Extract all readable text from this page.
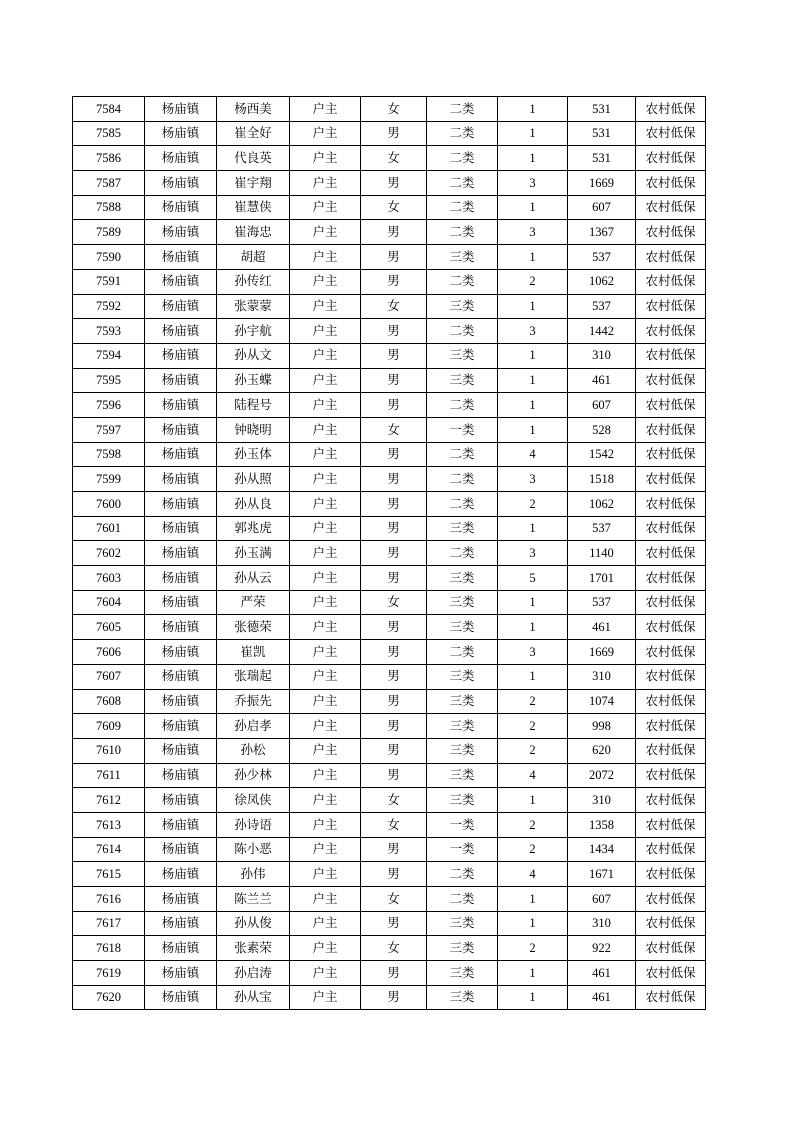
7584	杨庙镇	杨西美	户主	女	二类	1	531	农村低保
7585	杨庙镇	崔全好	户主	男	二类	1	531	农村低保
7586	杨庙镇	代良英	户主	女	二类	1	531	农村低保
7587	杨庙镇	崔宇翔	户主	男	二类	3	1669	农村低保
7588	杨庙镇	崔慧侠	户主	女	二类	1	607	农村低保
7589	杨庙镇	崔海忠	户主	男	二类	3	1367	农村低保
7590	杨庙镇	胡超	户主	男	三类	1	537	农村低保
7591	杨庙镇	孙传红	户主	男	二类	2	1062	农村低保
7592	杨庙镇	张蒙蒙	户主	女	三类	1	537	农村低保
7593	杨庙镇	孙宇航	户主	男	二类	3	1442	农村低保
7594	杨庙镇	孙从文	户主	男	三类	1	310	农村低保
7595	杨庙镇	孙玉蝶	户主	男	三类	1	461	农村低保
7596	杨庙镇	陆程号	户主	男	二类	1	607	农村低保
7597	杨庙镇	钟晓明	户主	女	一类	1	528	农村低保
7598	杨庙镇	孙玉体	户主	男	二类	4	1542	农村低保
7599	杨庙镇	孙从照	户主	男	二类	3	1518	农村低保
7600	杨庙镇	孙从良	户主	男	二类	2	1062	农村低保
7601	杨庙镇	郭兆虎	户主	男	三类	1	537	农村低保
7602	杨庙镇	孙玉满	户主	男	二类	3	1140	农村低保
7603	杨庙镇	孙从云	户主	男	三类	5	1701	农村低保
7604	杨庙镇	严荣	户主	女	三类	1	537	农村低保
7605	杨庙镇	张德荣	户主	男	三类	1	461	农村低保
7606	杨庙镇	崔凯	户主	男	二类	3	1669	农村低保
7607	杨庙镇	张瑞起	户主	男	三类	1	310	农村低保
7608	杨庙镇	乔振先	户主	男	三类	2	1074	农村低保
7609	杨庙镇	孙启孝	户主	男	三类	2	998	农村低保
7610	杨庙镇	孙松	户主	男	三类	2	620	农村低保
7611	杨庙镇	孙少林	户主	男	三类	4	2072	农村低保
7612	杨庙镇	徐凤侠	户主	女	三类	1	310	农村低保
7613	杨庙镇	孙诗语	户主	女	一类	2	1358	农村低保
7614	杨庙镇	陈小恶	户主	男	一类	2	1434	农村低保
7615	杨庙镇	孙伟	户主	男	二类	4	1671	农村低保
7616	杨庙镇	陈兰兰	户主	女	二类	1	607	农村低保
7617	杨庙镇	孙从俊	户主	男	三类	1	310	农村低保
7618	杨庙镇	张素荣	户主	女	三类	2	922	农村低保
7619	杨庙镇	孙启涛	户主	男	三类	1	461	农村低保
7620	杨庙镇	孙从宝	户主	男	三类	1	461	农村低保
